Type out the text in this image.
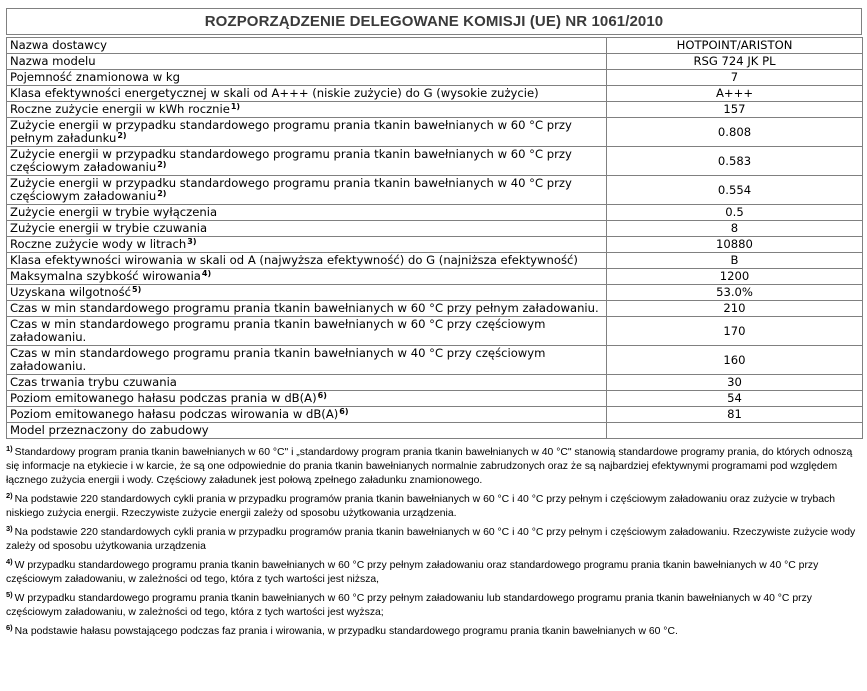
ROZPORZĄDZENIE DELEGOWANE KOMISJI (UE) NR 1061/2010
Nazwa dostawcy	HOTPOINT/ARISTON
Nazwa modelu	RSG 724 JK PL
Pojemność znamionowa w kg	7
Klasa efektywności energetycznej w skali od A+++ (niskie zużycie) do G (wysokie zużycie)	A+++
Roczne zużycie energii w kWh rocznie$^{1)}$	157
Zużycie energii w przypadku standardowego programu prania tkanin bawełnianych w 60 °C przy pełnym załadunku$^{2)}$	0.808
Zużycie energii w przypadku standardowego programu prania tkanin bawełnianych w 60 °C przy częściowym załadowaniu$^{2)}$	0.583
Zużycie energii w przypadku standardowego programu prania tkanin bawełnianych w 40 °C przy częściowym załadowaniu$^{2)}$	0.554
Zużycie energii w trybie wyłączenia	0.5
Zużycie energii w trybie czuwania	8
Roczne zużycie wody w litrach$^{3)}$	10880
Klasa efektywności wirowania w skali od A (najwyższa efektywność) do G (najniższa efektywność)	B
Maksymalna szybkość wirowania$^{4)}$	1200
Uzyskana wilgotność$^{5)}$	53.0%
Czas w min standardowego programu prania tkanin bawełnianych w 60 °C przy pełnym załadowaniu.	210
Czas w min standardowego programu prania tkanin bawełnianych w 60 °C przy częściowym załadowaniu.	170
Czas w min standardowego programu prania tkanin bawełnianych w 40 °C przy częściowym załadowaniu.	160
Czas trwania trybu czuwania	30
Poziom emitowanego hałasu podczas prania w $dB(A)^{6)}$	54
Poziom emitowanego hałasu podczas wirowania w $dB(A)^{6)}$	81
Model przeznaczony do zabudowy	
$^{1)}$ Standardowy program prania tkanin bawełnianych w 60 °C" i „standardowy program prania tkanin bawełnianych w 40 °C" stanowią standardowe programy prania, do których odnoszą się informacje na etykiecie i w karcie, że są one odpowiednie do prania tkanin bawełnianych normalnie zabrudzonych oraz że są najbardziej efektywnymi programami pod względem łącznego zużycia energii i wody. Częściowy załadunek jest połową zpełnego załadunku znamionowego.
$^{2)}$ Na podstawie 220 standardowych cykli prania w przypadku programów prania tkanin bawełnianych w 60 °C i 40 °C przy pełnym i częściowym załadowaniu oraz zużycie w trybach niskiego zużycia energii. Rzeczywiste zużycie energii zależy od sposobu użytkowania urządzenia.
$^{3)}$ Na podstawie 220 standardowych cykli prania w przypadku programów prania tkanin bawełnianych w 60 °C i 40 °C przy pełnym i częściowym załadowaniu. Rzeczywiste zużycie wody zależy od sposobu użytkowania urządzenia
$^{4)}$ W przypadku standardowego programu prania tkanin bawełnianych w 60 °C przy pełnym załadowaniu oraz standardowego programu prania tkanin bawełnianych w 40 °C przy częściowym załadowaniu, w zależności od tego, która z tych wartości jest niższa,
$^{5)}$ W przypadku standardowego programu prania tkanin bawełnianych w 60 °C przy pełnym załadowaniu lub standardowego programu prania tkanin bawełnianych w 40 °C przy częściowym załadowaniu, w zależności od tego, która z tych wartości jest wyższa;
$^{6)}$ Na podstawie hałasu powstającego podczas faz prania i wirowania, w przypadku standardowego programu prania tkanin bawełnianych w 60 °C.
